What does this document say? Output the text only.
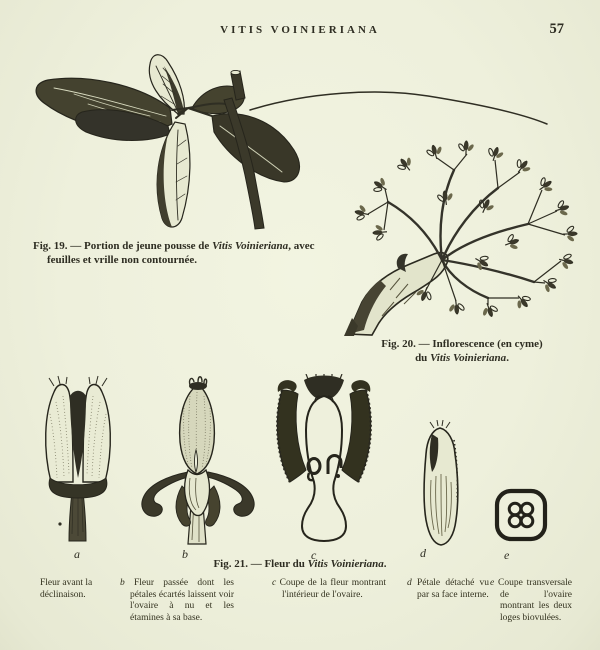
VITIS VOINIERIANA	57
Fig. 19. — Portion de jeune pousse de Vitis Voinieriana, avec feuilles et vrille non contournée.
Fig. 20. — Inflorescence (en cyme)
du Vitis Voinieriana.
a	b	c	d	e
Fig. 21. — Fleur du Vitis Voinieriana.
Fleur avant la déclinaison.
b Fleur passée dont les pétales écartés laissent voir l'ovaire à nu et les étamines à sa base.
c Coupe de la fleur montrant l'intérieur de l'ovaire.
d Pétale détaché vu par sa face interne.
e Coupe transversale de l'ovaire montrant les deux loges biovulées.
